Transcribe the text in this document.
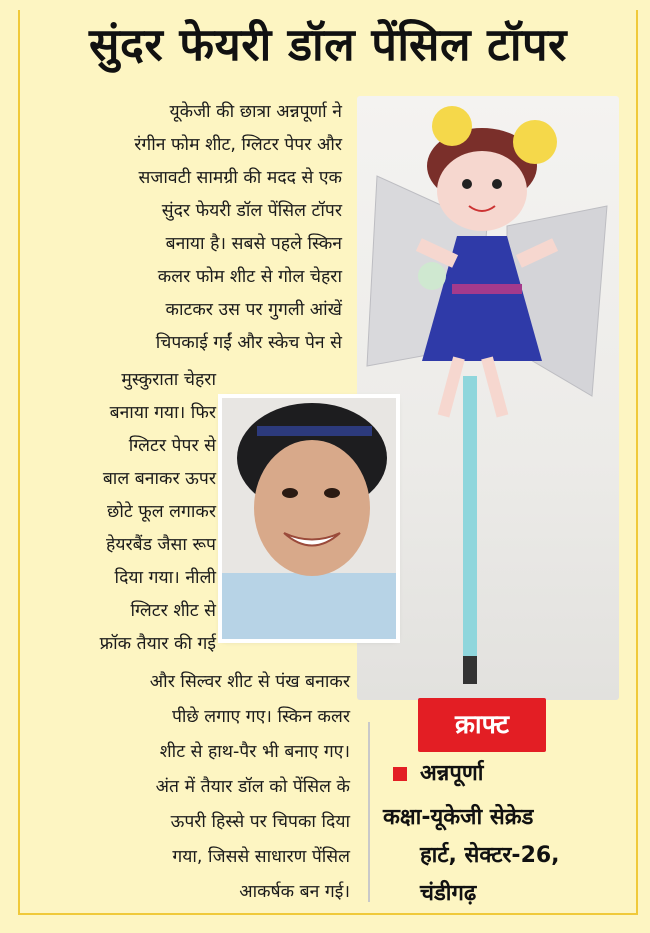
सुंदर फेयरी डॉल पेंसिल टॉपर
यूकेजी की छात्रा अन्नपूर्णा ने
रंगीन फोम शीट, ग्लिटर पेपर और
सजावटी सामग्री की मदद से एक
सुंदर फेयरी डॉल पेंसिल टॉपर
बनाया है। सबसे पहले स्किन
कलर फोम शीट से गोल चेहरा
काटकर उस पर गुगली आंखें
चिपकाई गईं और स्केच पेन से
मुस्कुराता चेहरा
बनाया गया। फिर
ग्लिटर पेपर से
बाल बनाकर ऊपर
छोटे फूल लगाकर
हेयरबैंड जैसा रूप
दिया गया। नीली
ग्लिटर शीट से
फ्रॉक तैयार की गई
और सिल्वर शीट से पंख बनाकर
पीछे लगाए गए। स्किन कलर
शीट से हाथ-पैर भी बनाए गए।
अंत में तैयार डॉल को पेंसिल के
ऊपरी हिस्से पर चिपका दिया
गया, जिससे साधारण पेंसिल
आकर्षक बन गई।
क्राफ्ट
अन्नपूर्णा
कक्षा-यूकेजी सेक्रेड
हार्ट, सेक्टर-26,
चंडीगढ़
